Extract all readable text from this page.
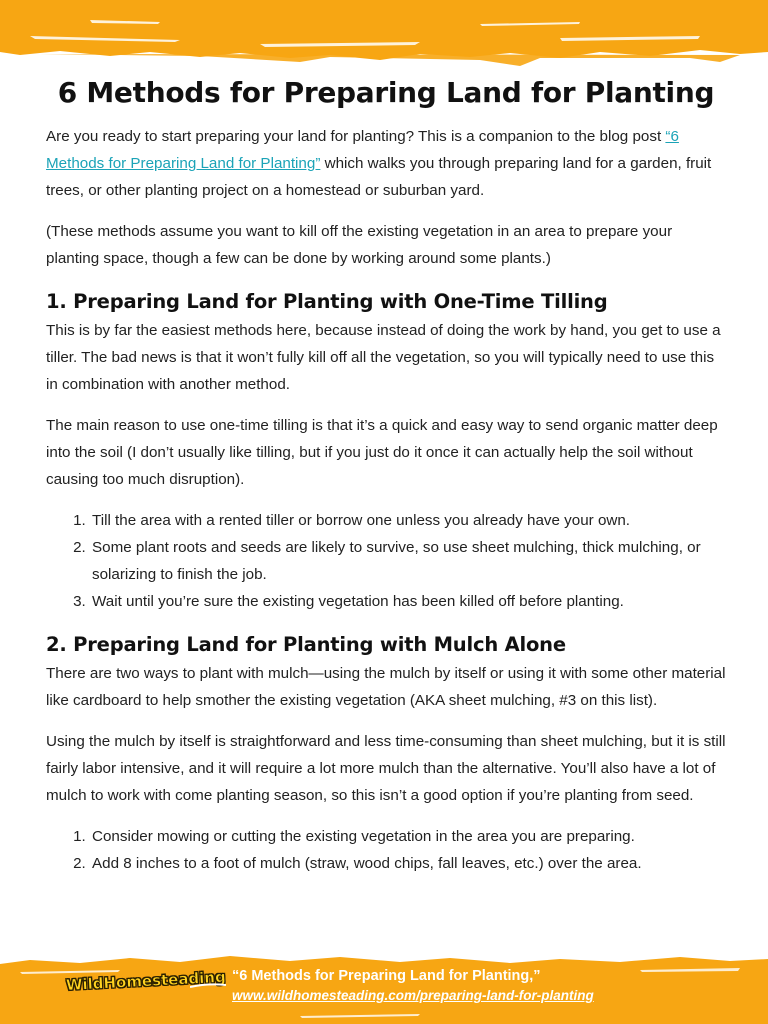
6 Methods for Preparing Land for Planting

Are you ready to start preparing your land for planting? This is a companion to the blog post “6 Methods for Preparing Land for Planting” which walks you through preparing land for a garden, fruit trees, or other planting project on a homestead or suburban yard.

(These methods assume you want to kill off the existing vegetation in an area to prepare your planting space, though a few can be done by working around some plants.)

1. Preparing Land for Planting with One-Time Tilling

This is by far the easiest methods here, because instead of doing the work by hand, you get to use a tiller. The bad news is that it won’t fully kill off all the vegetation, so you will typically need to use this in combination with another method.

The main reason to use one-time tilling is that it’s a quick and easy way to send organic matter deep into the soil (I don’t usually like tilling, but if you just do it once it can actually help the soil without causing too much disruption).

1. Till the area with a rented tiller or borrow one unless you already have your own.
2. Some plant roots and seeds are likely to survive, so use sheet mulching, thick mulching, or solarizing to finish the job.
3. Wait until you’re sure the existing vegetation has been killed off before planting.
2. Preparing Land for Planting with Mulch Alone

There are two ways to plant with mulch—using the mulch by itself or using it with some other material like cardboard to help smother the existing vegetation (AKA sheet mulching, #3 on this list).

Using the mulch by itself is straightforward and less time-consuming than sheet mulching, but it is still fairly labor intensive, and it will require a lot more mulch than the alternative. You’ll also have a lot of mulch to work with come planting season, so this isn’t a good option if you’re planting from seed.

1. Consider mowing or cutting the existing vegetation in the area you are preparing.
2. Add 8 inches to a foot of mulch (straw, wood chips, fall leaves, etc.) over the area.
WildHomesteading “6 Methods for Preparing Land for Planting,”
www.wildhomesteading.com/preparing-land-for-planting
